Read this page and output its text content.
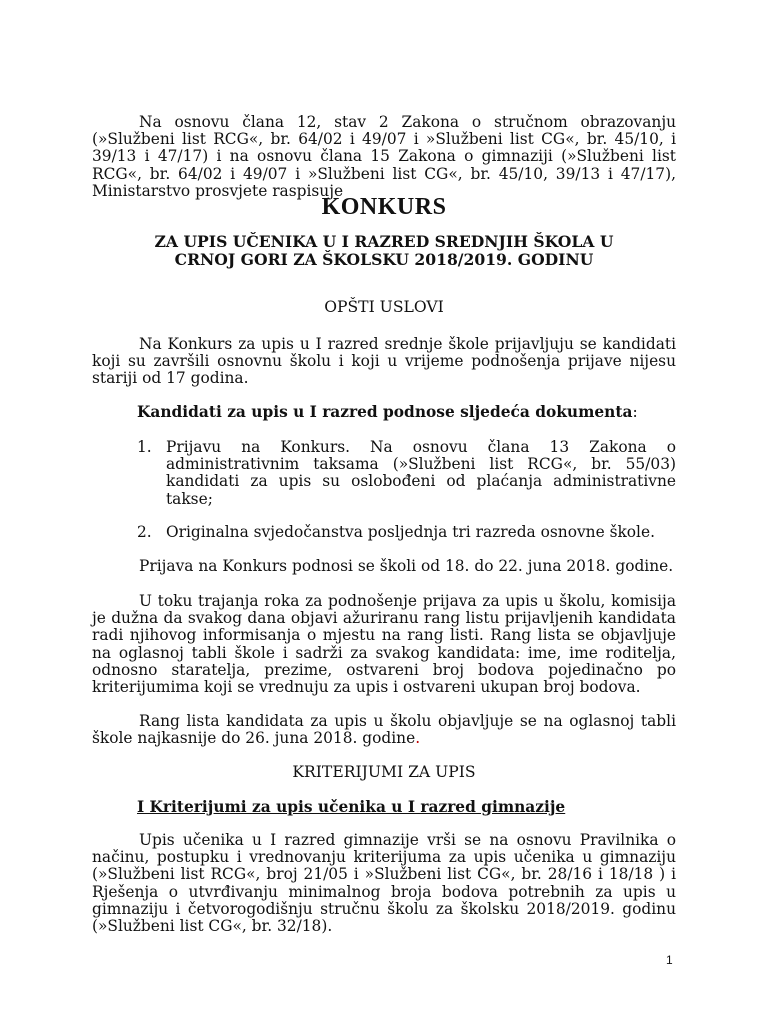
Na osnovu člana 12, stav 2 Zakona o stručnom obrazovanju (»Službeni list RCG«, br. 64/02 i 49/07 i »Službeni list CG«, br. 45/10, i 39/13 i 47/17) i na osnovu člana 15 Zakona o gimnaziji (»Službeni list RCG«, br. 64/02 i 49/07 i »Službeni list CG«, br. 45/10, 39/13 i 47/17), Ministarstvo prosvjete raspisuje
KONKURS
ZA UPIS UČENIKA U I RAZRED SREDNJIH ŠKOLA U
CRNOJ GORI ZA ŠKOLSKU 2018/2019. GODINU
OPŠTI USLOVI
Na Konkurs za upis u I razred srednje škole prijavljuju se kandidati koji su završili osnovnu školu i koji u vrijeme podnošenja prijave nijesu stariji od 17 godina.
Kandidati za upis u I razred podnose sljedeća dokumenta:
1. Prijavu na Konkurs. Na osnovu člana 13 Zakona o administrativnim taksama (»Službeni list RCG«, br. 55/03) kandidati za upis su oslobođeni od plaćanja administrativne takse;
2. Originalna svjedočanstva posljednja tri razreda osnovne škole.
Prijava na Konkurs podnosi se školi od 18. do 22. juna 2018. godine.
U toku trajanja roka za podnošenje prijava za upis u školu, komisija je dužna da svakog dana objavi ažuriranu rang listu prijavljenih kandidata radi njihovog informisanja o mjestu na rang listi. Rang lista se objavljuje na oglasnoj tabli škole i sadrži za svakog kandidata: ime, ime roditelja, odnosno staratelja, prezime, ostvareni broj bodova pojedinačno po kriterijumima koji se vrednuju za upis i ostvareni ukupan broj bodova.
Rang lista kandidata za upis u školu objavljuje se na oglasnoj tabli škole najkasnije do 26. juna 2018. godine.
KRITERIJUMI ZA UPIS
I Kriterijumi za upis učenika u I razred gimnazije
Upis učenika u I razred gimnazije vrši se na osnovu Pravilnika o načinu, postupku i vrednovanju kriterijuma za upis učenika u gimnaziju (»Službeni list RCG«, broj 21/05 i »Službeni list CG«, br. 28/16 i 18/18 ) i Rješenja o utvrđivanju minimalnog broja bodova potrebnih za upis u gimnaziju i četvorogodišnju stručnu školu za školsku 2018/2019. godinu (»Službeni list CG«, br. 32/18).
1
